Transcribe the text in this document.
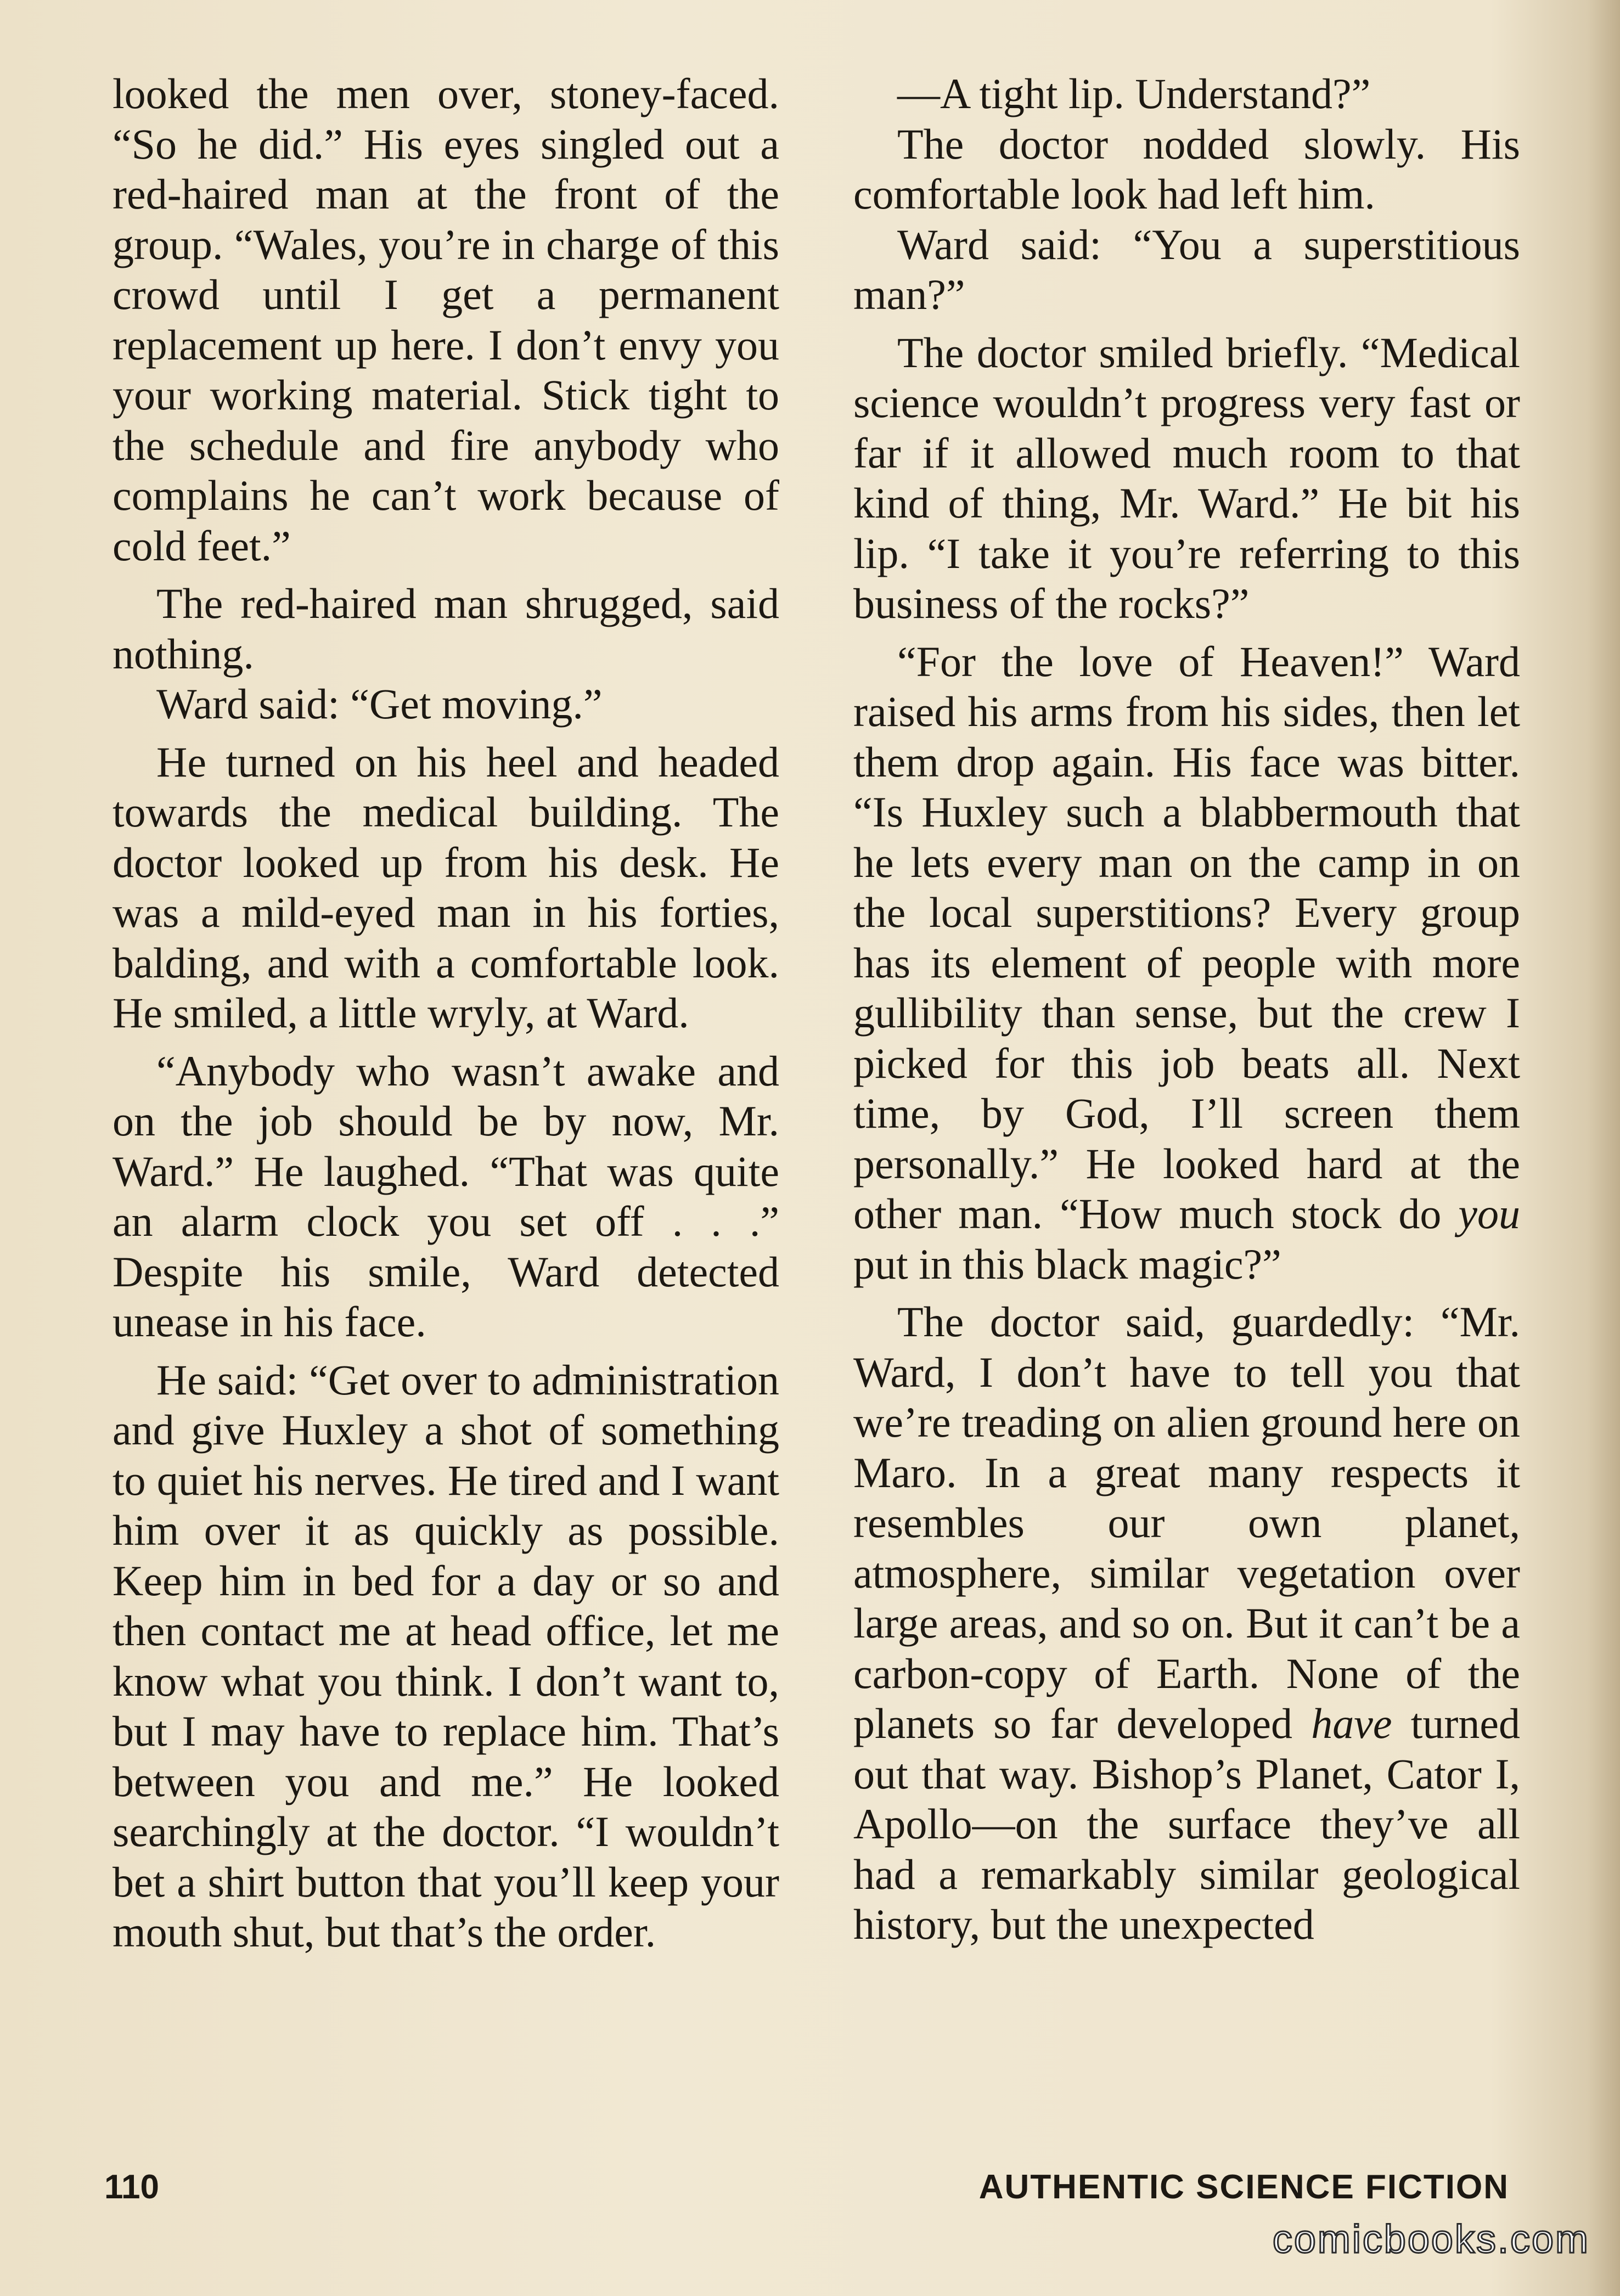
looked the men over, stoney-faced. “So he did.” His eyes singled out a red-haired man at the front of the group. “Wales, you’re in charge of this crowd until I get a permanent replacement up here. I don’t envy you your working material. Stick tight to the schedule and fire anybody who complains he can’t work because of cold feet.”

The red-haired man shrugged, said nothing.

Ward said: “Get moving.”

He turned on his heel and headed towards the medical building. The doctor looked up from his desk. He was a mild-eyed man in his forties, balding, and with a comfortable look. He smiled, a little wryly, at Ward.

“Anybody who wasn’t awake and on the job should be by now, Mr. Ward.” He laughed. “That was quite an alarm clock you set off . . .” Despite his smile, Ward detected unease in his face.

He said: “Get over to administration and give Huxley a shot of something to quiet his nerves. He tired and I want him over it as quickly as possible. Keep him in bed for a day or so and then contact me at head office, let me know what you think. I don’t want to, but I may have to replace him. That’s between you and me.” He looked searchingly at the doctor. “I wouldn’t bet a shirt button that you’ll keep your mouth shut, but that’s the order.

—A tight lip. Understand?”

The doctor nodded slowly. His comfortable look had left him.

Ward said: “You a superstitious man?”

The doctor smiled briefly. “Medical science wouldn’t progress very fast or far if it allowed much room to that kind of thing, Mr. Ward.” He bit his lip. “I take it you’re referring to this business of the rocks?”

“For the love of Heaven!” Ward raised his arms from his sides, then let them drop again. His face was bitter. “Is Huxley such a blabbermouth that he lets every man on the camp in on the local superstitions? Every group has its element of people with more gullibility than sense, but the crew I picked for this job beats all. Next time, by God, I’ll screen them personally.” He looked hard at the other man. “How much stock do you put in this black magic?”

The doctor said, guardedly: “Mr. Ward, I don’t have to tell you that we’re treading on alien ground here on Maro. In a great many respects it resembles our own planet, atmosphere, similar vegetation over large areas, and so on. But it can’t be a carbon-copy of Earth. None of the planets so far developed have turned out that way. Bishop’s Planet, Cator I, Apollo—on the surface they’ve all had a remarkably similar geological history, but the unexpected

110	AUTHENTIC SCIENCE FICTION
comicbooks.com
